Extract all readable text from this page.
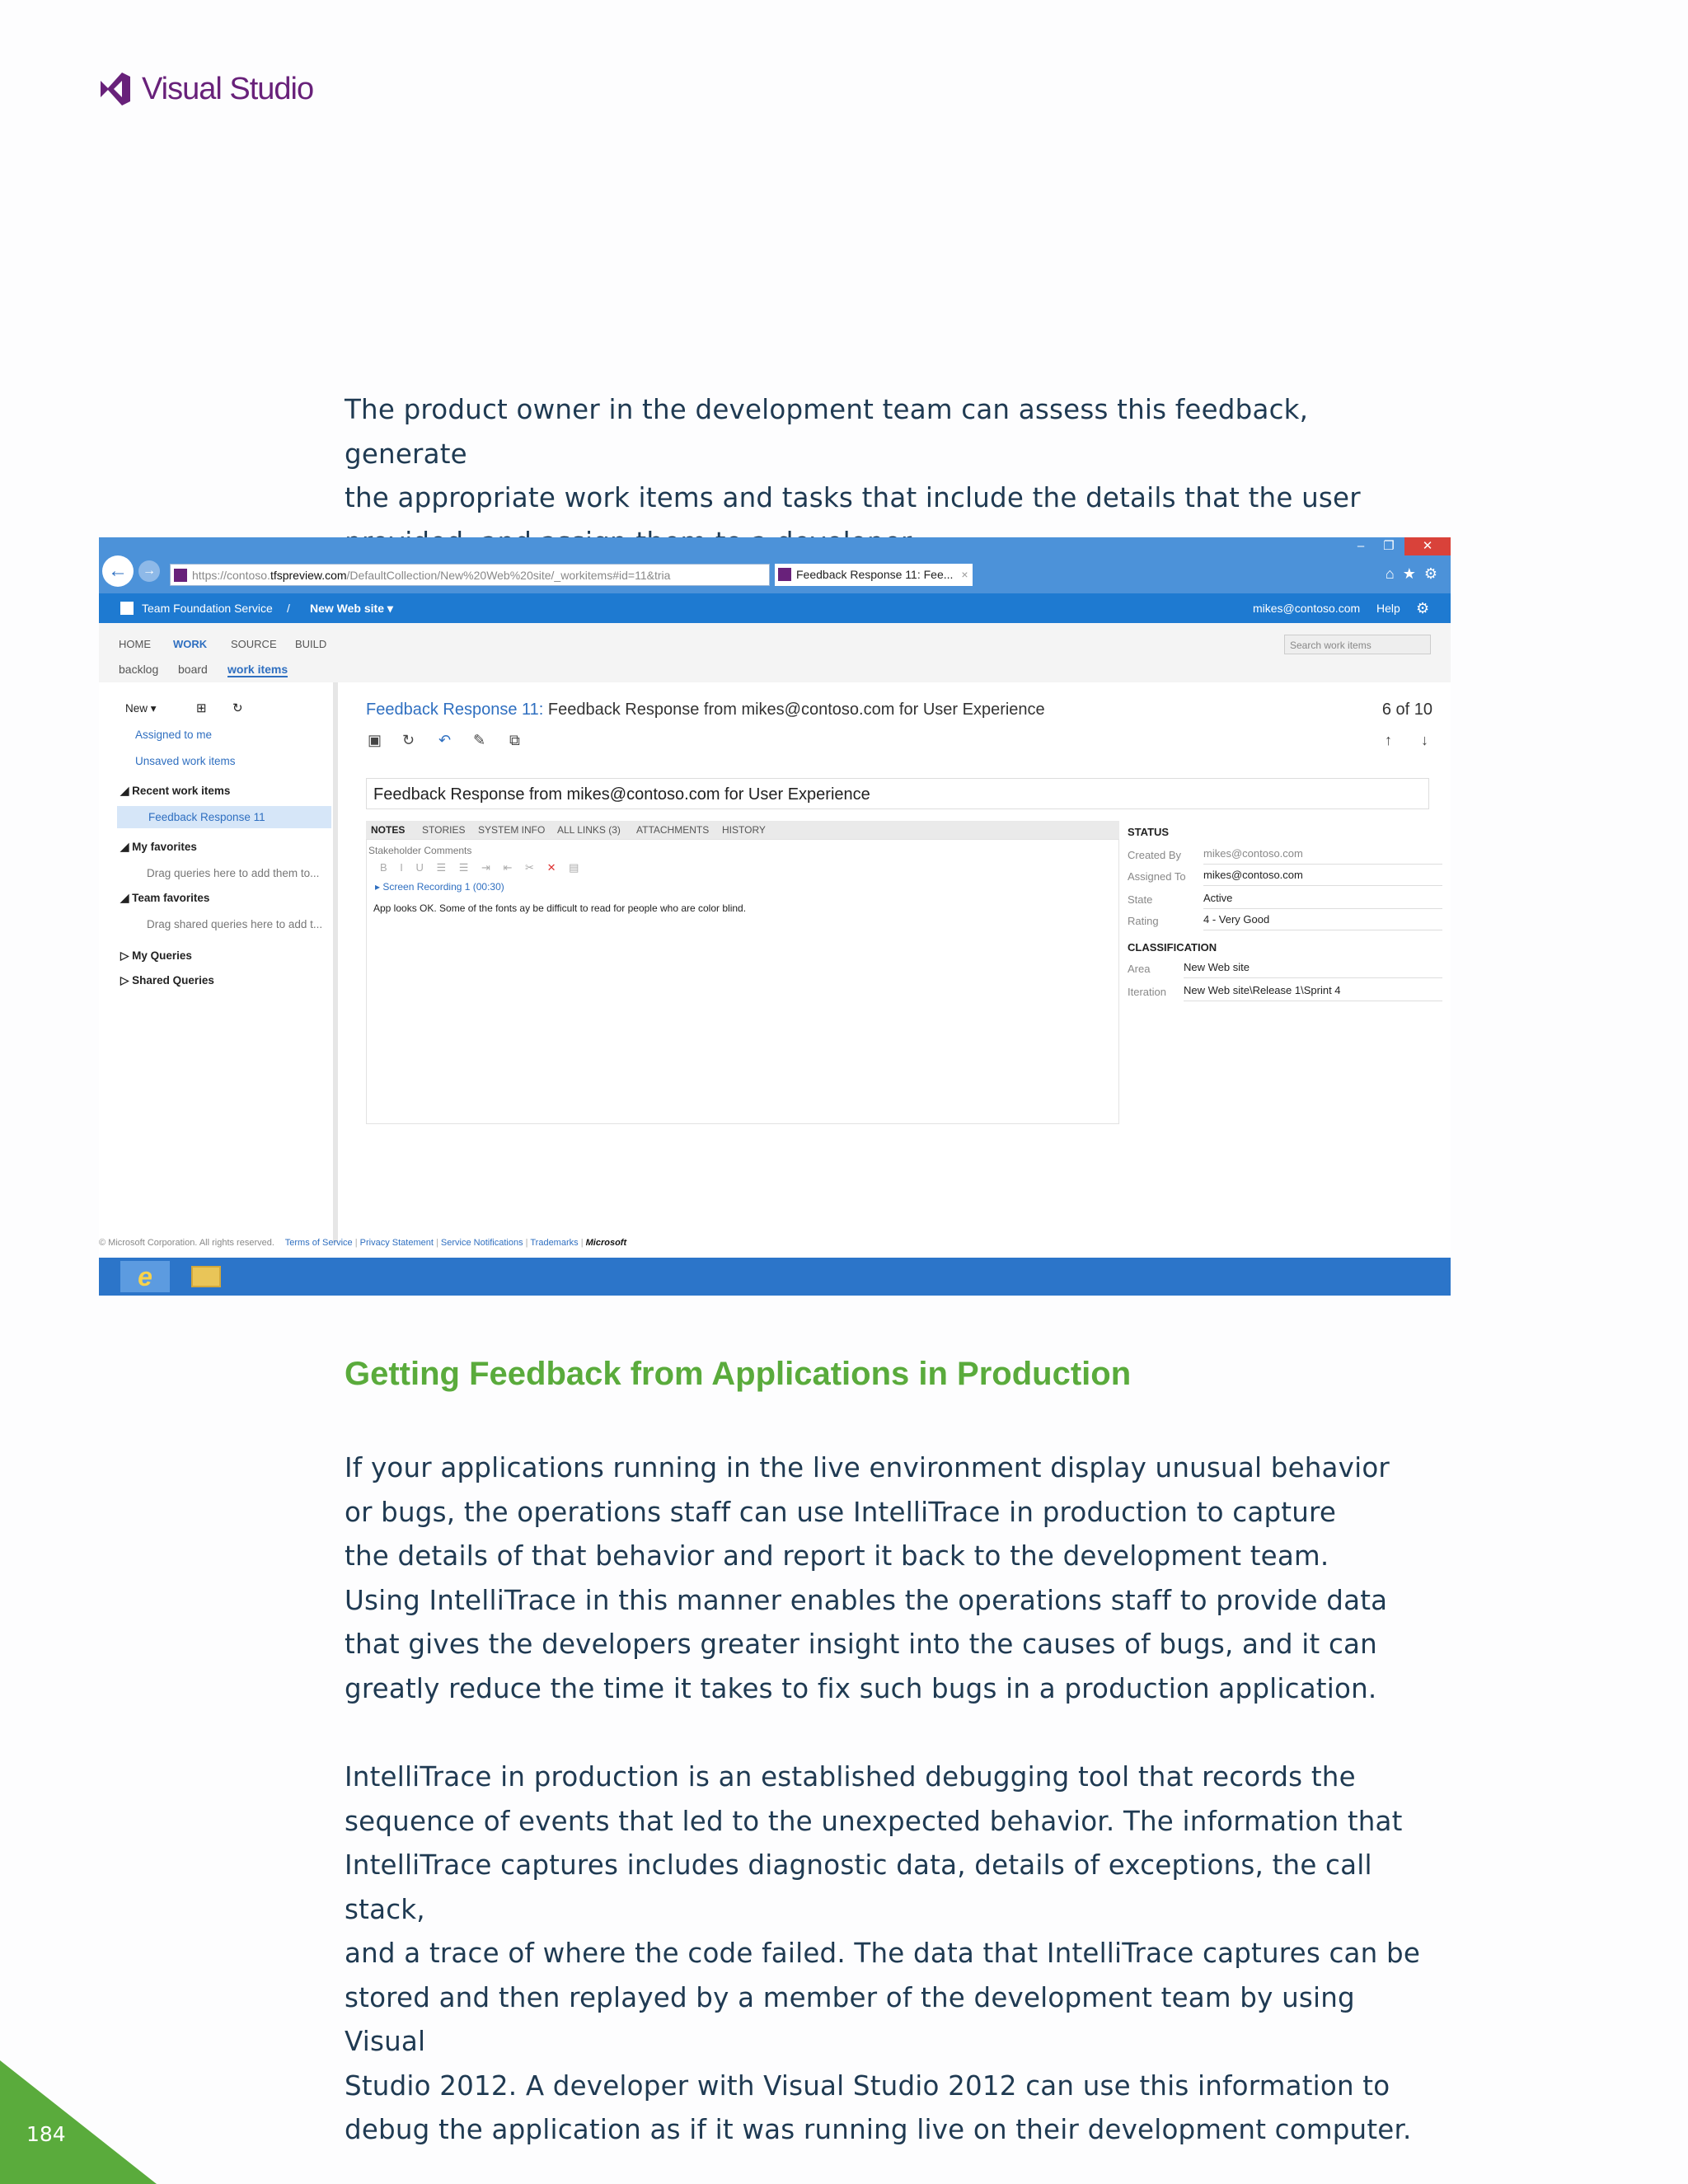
Visual Studio

The product owner in the development team can assess this feedback, generate
the appropriate work items and tasks that include the details that the user

–	❐	✕
←	→	https://contoso.tfspreview.com/DefaultCollection/New%20Web%20site/_workitems#id=11&tria	Feedback Response 11: Fee... ×	⌂★⚙
Team Foundation Service / New Web site ▾	mikes@contoso.com Help ⚙
HOME WORK SOURCE BUILD
backlog board work items
Search work items
New ▾	⊞ ↻
Assigned to me
Unsaved work items
◢ Recent work items
Feedback Response 11
◢ My favorites
Drag queries here to add them to...
◢ Team favorites
Drag shared queries here to add t...
▷ My Queries
▷ Shared Queries
Feedback Response 11: Feedback Response from mikes@contoso.com for User Experience	6 of 10
▣ ↻ ↶ ✎ ⧉	↑ ↓
Feedback Response from mikes@contoso.com for User Experience
NOTES STORIES SYSTEM INFO ALL LINKS (3) ATTACHMENTS HISTORY
Stakeholder Comments
B I U ☰ ☰ ⇥ ⇤ ✂ ✕ ▤
▸ Screen Recording 1 (00:30)
App looks OK. Some of the fonts ay be difficult to read for people who are color blind.
STATUS
Created By mikes@contoso.com
Assigned To mikes@contoso.com
State	Active
Rating	4 - Very Good
CLASSIFICATION
Area	New Web site
Iteration New Web site\Release 1\Sprint 4
© Microsoft Corporation. All rights reserved. Terms of Service | Privacy Statement | Service Notifications | Trademarks | Microsoft
e
Getting Feedback from Applications in Production

If your applications running in the live environment display unusual behavior
or bugs, the operations staff can use IntelliTrace in production to capture
the details of that behavior and report it back to the development team.
Using IntelliTrace in this manner enables the operations staff to provide data
that gives the developers greater insight into the causes of bugs, and it can
greatly reduce the time it takes to fix such bugs in a production application.

IntelliTrace in production is an established debugging tool that records the
sequence of events that led to the unexpected behavior. The information that
IntelliTrace captures includes diagnostic data, details of exceptions, the call stack,
and a trace of where the code failed. The data that IntelliTrace captures can be
stored and then replayed by a member of the development team by using Visual
Studio 2012. A developer with Visual Studio 2012 can use this information to
debug the application as if it was running live on their development computer.

184
